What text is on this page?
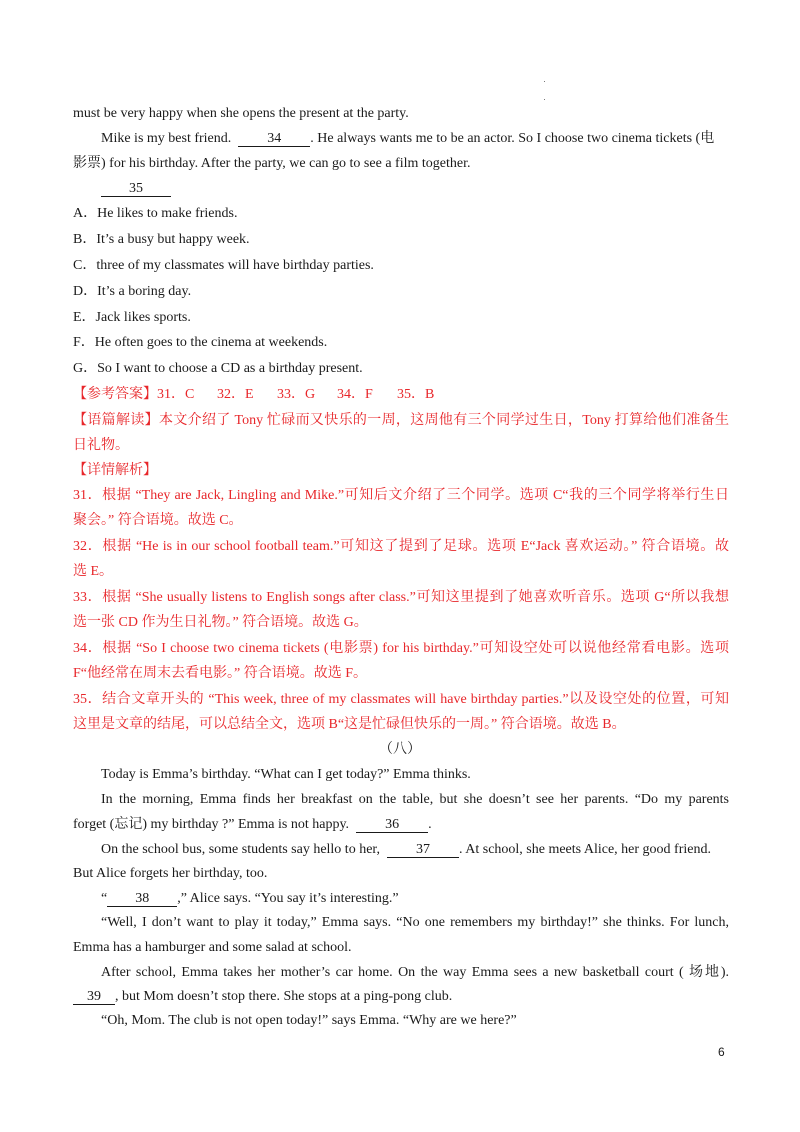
must be very happy when she opens the present at the party.
Mike is my best friend.	34 . He always wants me to be an actor. So I choose two cinema tickets (电
影票) for his birthday. After the party, we can go to see a film together.
35
A．He likes to make friends.
B．It’s a busy but happy week.
C．three of my classmates will have birthday parties.
D．It’s a boring day.
E．Jack likes sports.
F．He often goes to the cinema at weekends.
G．So I want to choose a CD as a birthday present.
【参考答案】31．C 32．E 33．G 34．F 35．B
【语篇解读】本文介绍了 Tony 忙碌而又快乐的一周，这周他有三个同学过生日，Tony 打算给他们准备生
日礼物。
【详情解析】
31．根据 “They are Jack, Lingling and Mike.”可知后文介绍了三个同学。选项 C“我的三个同学将举行生日
聚会。” 符合语境。故选 C。
32．根据 “He is in our school football team.”可知这了提到了足球。选项 E“Jack 喜欢运动。” 符合语境。故
选 E。
33．根据 “She usually listens to English songs after class.”可知这里提到了她喜欢听音乐。选项 G“所以我想
选一张 CD 作为生日礼物。” 符合语境。故选 G。
34．根据 “So I choose two cinema tickets (电影票) for his birthday.”可知设空处可以说他经常看电影。选项
F“他经常在周末去看电影。” 符合语境。故选 F。
35．结合文章开头的 “This week, three of my classmates will have birthday parties.”以及设空处的位置，可知
这里是文章的结尾，可以总结全文，选项 B“这是忙碌但快乐的一周。” 符合语境。故选 B。
（八）
Today is Emma’s birthday. “What can I get today?” Emma thinks.
In the morning, Emma finds her breakfast on the table, but she doesn’t see her parents. “Do my parents
forget (忘记) my birthday ?” Emma is not happy.	36 .
On the school bus, some students say hello to her,	37 . At school, she meets Alice, her good friend.
But Alice forgets her birthday, too.
“ 38 ,” Alice says. “You say it’s interesting.”
“Well, I don’t want to play it today,” Emma says. “No one remembers my birthday!” she thinks. For lunch,
Emma has a hamburger and some salad at school.
After school, Emma takes her mother’s car home. On the way Emma sees a new basketball court ( 场地).
39 , but Mom doesn’t stop there. She stops at a ping-pong club.
“Oh, Mom. The club is not open today!” says Emma. “Why are we here?”
6
